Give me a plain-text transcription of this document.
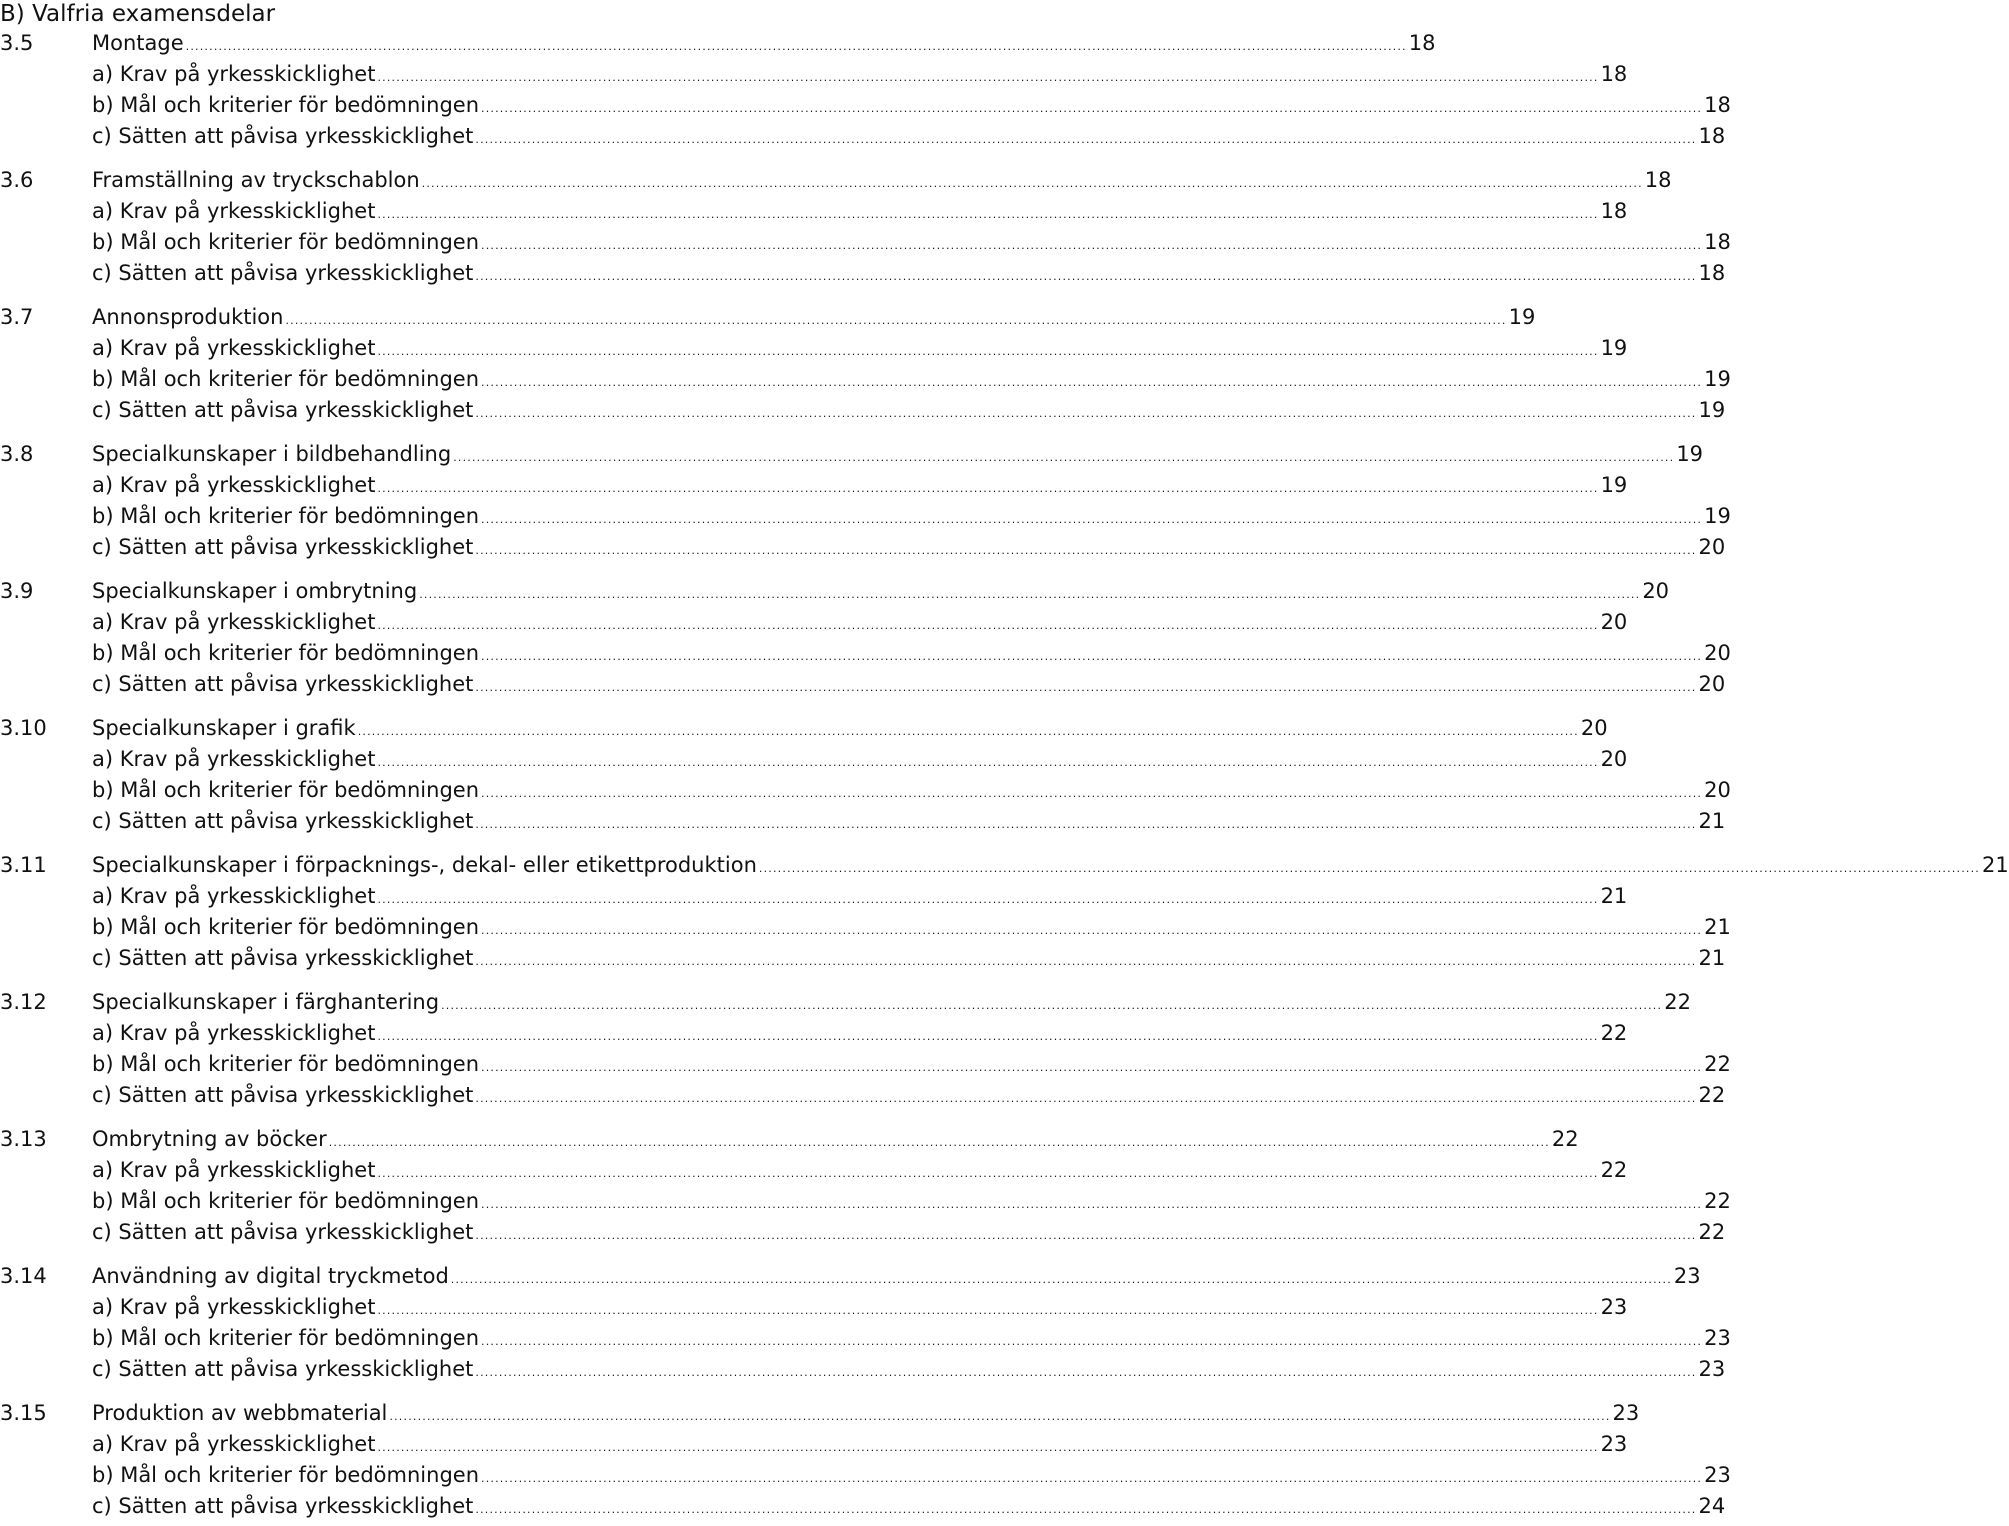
B) Valfria examensdelar
3.5	Montage .................................................................................................................................................................................................................................................................... 18
a) Krav på yrkesskicklighet .................................................................................................................................................................................................................................................................... 18
b) Mål och kriterier för bedömningen .................................................................................................................................................................................................................................................................... 18
c) Sätten att påvisa yrkesskicklighet .................................................................................................................................................................................................................................................................... 18
3.6	Framställning av tryckschablon .................................................................................................................................................................................................................................................................... 18
a) Krav på yrkesskicklighet .................................................................................................................................................................................................................................................................... 18
b) Mål och kriterier för bedömningen .................................................................................................................................................................................................................................................................... 18
c) Sätten att påvisa yrkesskicklighet .................................................................................................................................................................................................................................................................... 18
3.7	Annonsproduktion .................................................................................................................................................................................................................................................................... 19
a) Krav på yrkesskicklighet .................................................................................................................................................................................................................................................................... 19
b) Mål och kriterier för bedömningen .................................................................................................................................................................................................................................................................... 19
c) Sätten att påvisa yrkesskicklighet .................................................................................................................................................................................................................................................................... 19
3.8	Specialkunskaper i bildbehandling .................................................................................................................................................................................................................................................................... 19
a) Krav på yrkesskicklighet .................................................................................................................................................................................................................................................................... 19
b) Mål och kriterier för bedömningen .................................................................................................................................................................................................................................................................... 19
c) Sätten att påvisa yrkesskicklighet .................................................................................................................................................................................................................................................................... 20
3.9	Specialkunskaper i ombrytning .................................................................................................................................................................................................................................................................... 20
a) Krav på yrkesskicklighet .................................................................................................................................................................................................................................................................... 20
b) Mål och kriterier för bedömningen .................................................................................................................................................................................................................................................................... 20
c) Sätten att påvisa yrkesskicklighet .................................................................................................................................................................................................................................................................... 20
3.10	Specialkunskaper i grafik .................................................................................................................................................................................................................................................................... 20
a) Krav på yrkesskicklighet .................................................................................................................................................................................................................................................................... 20
b) Mål och kriterier för bedömningen .................................................................................................................................................................................................................................................................... 20
c) Sätten att påvisa yrkesskicklighet .................................................................................................................................................................................................................................................................... 21
3.11	Specialkunskaper i förpacknings-, dekal- eller etikettproduktion .................................................................................................................................................................................................................................................................... 21
a) Krav på yrkesskicklighet .................................................................................................................................................................................................................................................................... 21
b) Mål och kriterier för bedömningen .................................................................................................................................................................................................................................................................... 21
c) Sätten att påvisa yrkesskicklighet .................................................................................................................................................................................................................................................................... 21
3.12	Specialkunskaper i färghantering .................................................................................................................................................................................................................................................................... 22
a) Krav på yrkesskicklighet .................................................................................................................................................................................................................................................................... 22
b) Mål och kriterier för bedömningen .................................................................................................................................................................................................................................................................... 22
c) Sätten att påvisa yrkesskicklighet .................................................................................................................................................................................................................................................................... 22
3.13	Ombrytning av böcker .................................................................................................................................................................................................................................................................... 22
a) Krav på yrkesskicklighet .................................................................................................................................................................................................................................................................... 22
b) Mål och kriterier för bedömningen .................................................................................................................................................................................................................................................................... 22
c) Sätten att påvisa yrkesskicklighet .................................................................................................................................................................................................................................................................... 22
3.14	Användning av digital tryckmetod .................................................................................................................................................................................................................................................................... 23
a) Krav på yrkesskicklighet .................................................................................................................................................................................................................................................................... 23
b) Mål och kriterier för bedömningen .................................................................................................................................................................................................................................................................... 23
c) Sätten att påvisa yrkesskicklighet .................................................................................................................................................................................................................................................................... 23
3.15	Produktion av webbmaterial .................................................................................................................................................................................................................................................................... 23
a) Krav på yrkesskicklighet .................................................................................................................................................................................................................................................................... 23
b) Mål och kriterier för bedömningen .................................................................................................................................................................................................................................................................... 23
c) Sätten att påvisa yrkesskicklighet .................................................................................................................................................................................................................................................................... 24
